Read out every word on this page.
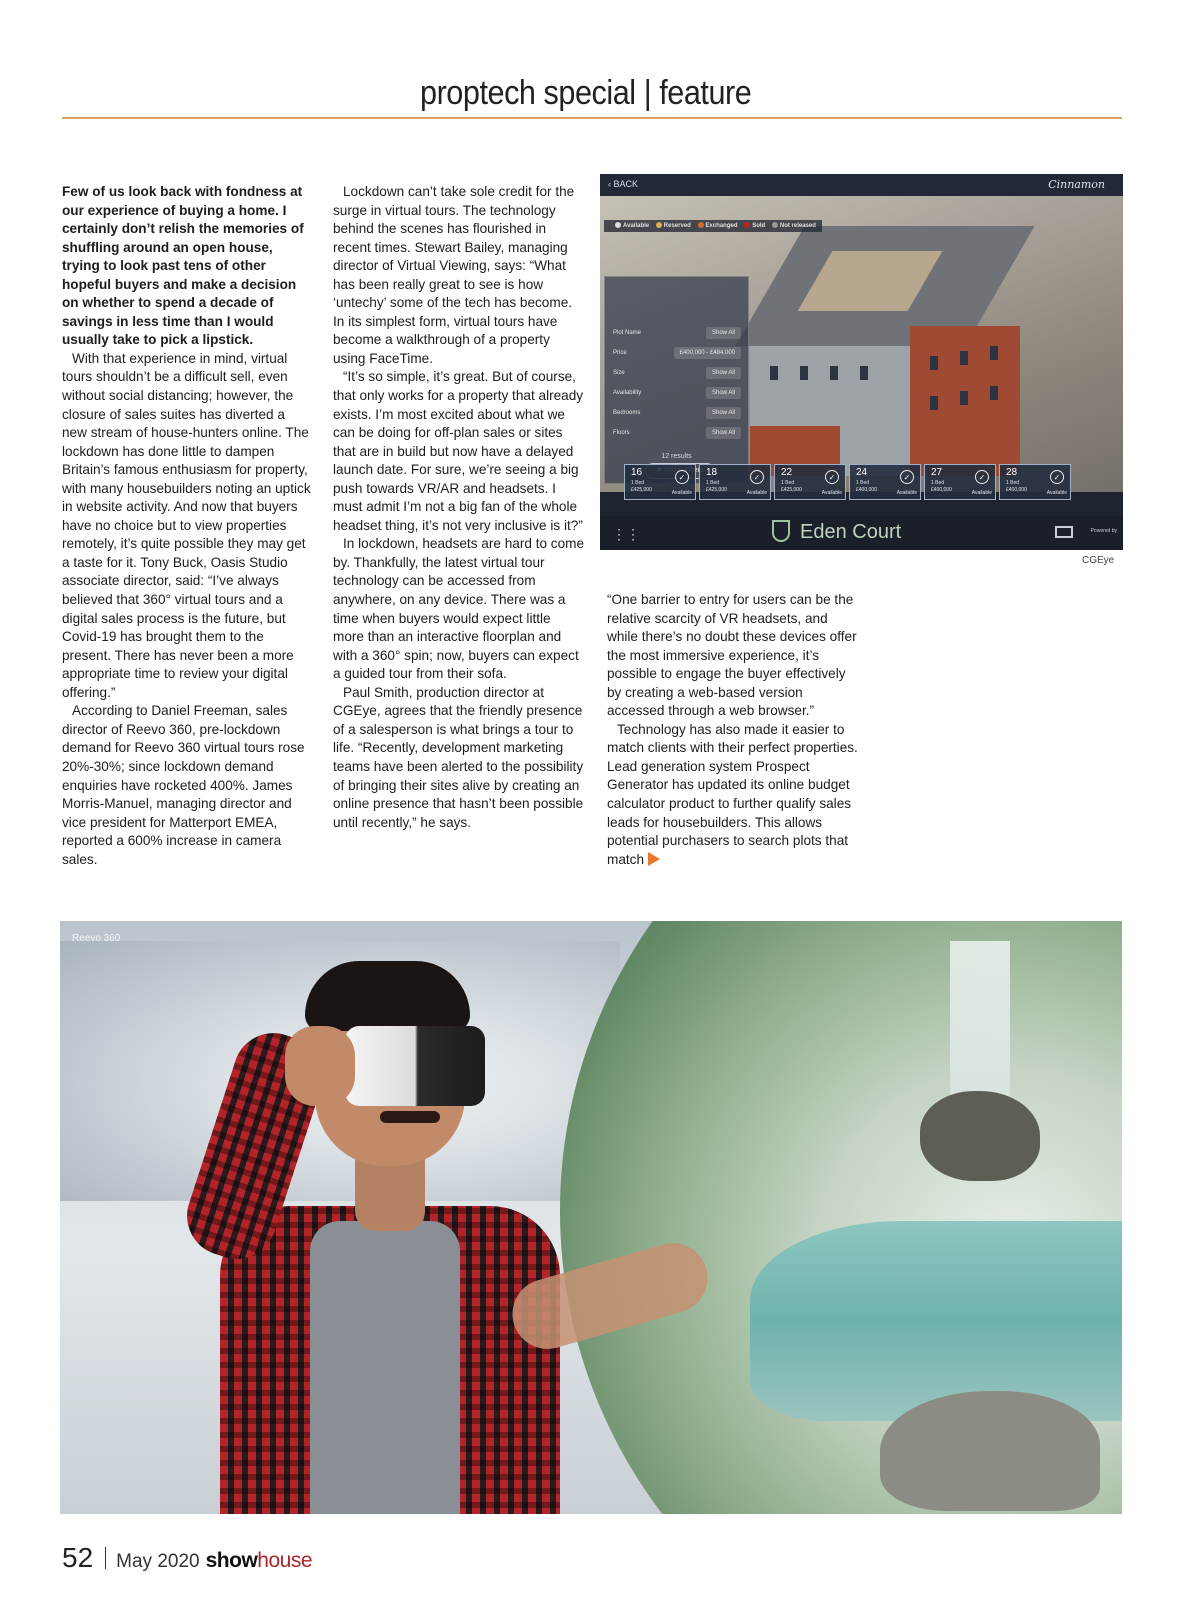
proptech special | feature

Few of us look back with fondness at our experience of buying a home. I certainly don’t relish the memories of shuffling around an open house, trying to look past tens of other hopeful buyers and make a decision on whether to spend a decade of savings in less time than I would usually take to pick a lipstick.

With that experience in mind, virtual tours shouldn’t be a difficult sell, even without social distancing; however, the closure of sales suites has diverted a new stream of house-hunters online. The lockdown has done little to dampen Britain’s famous enthusiasm for property, with many housebuilders noting an uptick in website activity. And now that buyers have no choice but to view properties remotely, it’s quite possible they may get a taste for it. Tony Buck, Oasis Studio associate director, said: “I’ve always believed that 360° virtual tours and a digital sales process is the future, but Covid-19 has brought them to the present. There has never been a more appropriate time to review your digital offering.”

According to Daniel Freeman, sales director of Reevo 360, pre-lockdown demand for Reevo 360 virtual tours rose 20%-30%; since lockdown demand enquiries have rocketed 400%. James Morris-Manuel, managing director and vice president for Matterport EMEA, reported a 600% increase in camera sales.

Lockdown can’t take sole credit for the surge in virtual tours. The technology behind the scenes has flourished in recent times. Stewart Bailey, managing director of Virtual Viewing, says: “What has been really great to see is how ‘untechy’ some of the tech has become. In its simplest form, virtual tours have become a walkthrough of a property using FaceTime.

“It’s so simple, it’s great. But of course, that only works for a property that already exists. I’m most excited about what we can be doing for off-plan sales or sites that are in build but now have a delayed launch date. For sure, we’re seeing a big push towards VR/AR and headsets. I must admit I’m not a big fan of the whole headset thing, it’s not very inclusive is it?”

In lockdown, headsets are hard to come by. Thankfully, the latest virtual tour technology can be accessed from anywhere, on any device. There was a time when buyers would expect little more than an interactive floorplan and with a 360° spin; now, buyers can expect a guided tour from their sofa.

Paul Smith, production director at CGEye, agrees that the friendly presence of a salesperson is what brings a tour to life. “Recently, development marketing teams have been alerted to the possibility of bringing their sites alive by creating an online presence that hasn’t been possible until recently,” he says.

“One barrier to entry for users can be the relative scarcity of VR headsets, and while there’s no doubt these devices offer the most immersive experience, it’s possible to engage the buyer effectively by creating a web-based version accessed through a web browser.”

Technology has also made it easier to match clients with their perfect properties. Lead generation system Prospect Generator has updated its online budget calculator product to further qualify sales leads for housebuilders. This allows potential purchasers to search plots that match

‹ BACK	Cinnamon
Available Reserved Exchanged Sold Not released
Plot Name	Show All
Price	£400,000 - £484,000
Size	Show All
Availability	Show All
Bedrooms	Show All
Floors	Show All
12 results
16
1 Bed
£425,000
✓
Available
18
1 Bed
£425,000
✓
Available
22
1 Bed
£425,000
✓
Available
24
1 Bed
£400,000
✓
Available
27
1 Bed
£400,000
✓
Available
28
1 Bed
£400,000
✓
Available
⋮⋮	Eden Court	Powered by
CGEye
Reevo 360
52 May 2020 showhouse
